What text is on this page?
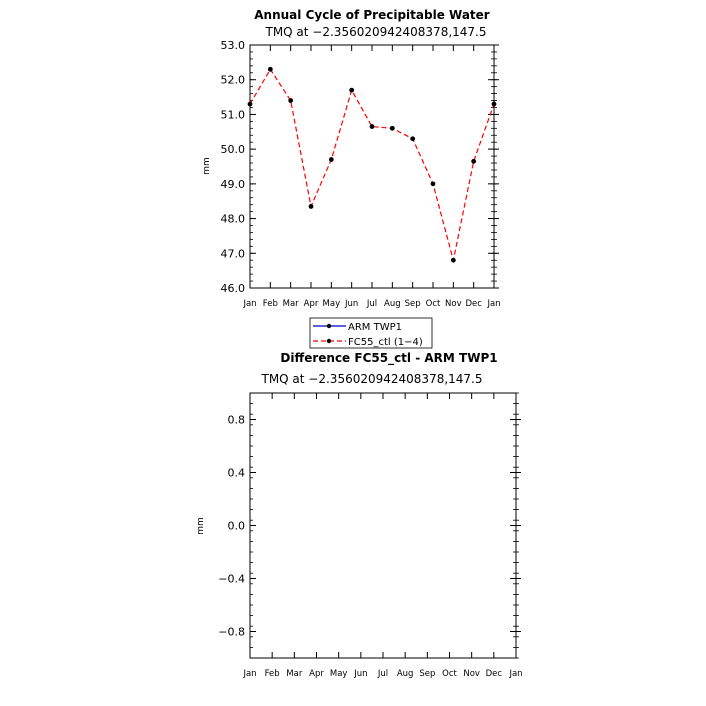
Annual Cycle of Precipitable Water
TMQ at −2.356020942408378,147.5
mm
Jan Feb Mar Apr May Jun Jul Aug Sep Oct Nov Dec Jan
46.0
47.0
48.0
49.0
50.0
51.0
52.0
53.0
ARM TWP1
FC55_ctl (1−4)
Difference FC55_ctl - ARM TWP1
TMQ at −2.356020942408378,147.5
mm
Jan Feb Mar Apr May Jun Jul Aug Sep Oct Nov Dec Jan
−0.8
−0.4
0.0
0.4
0.8
